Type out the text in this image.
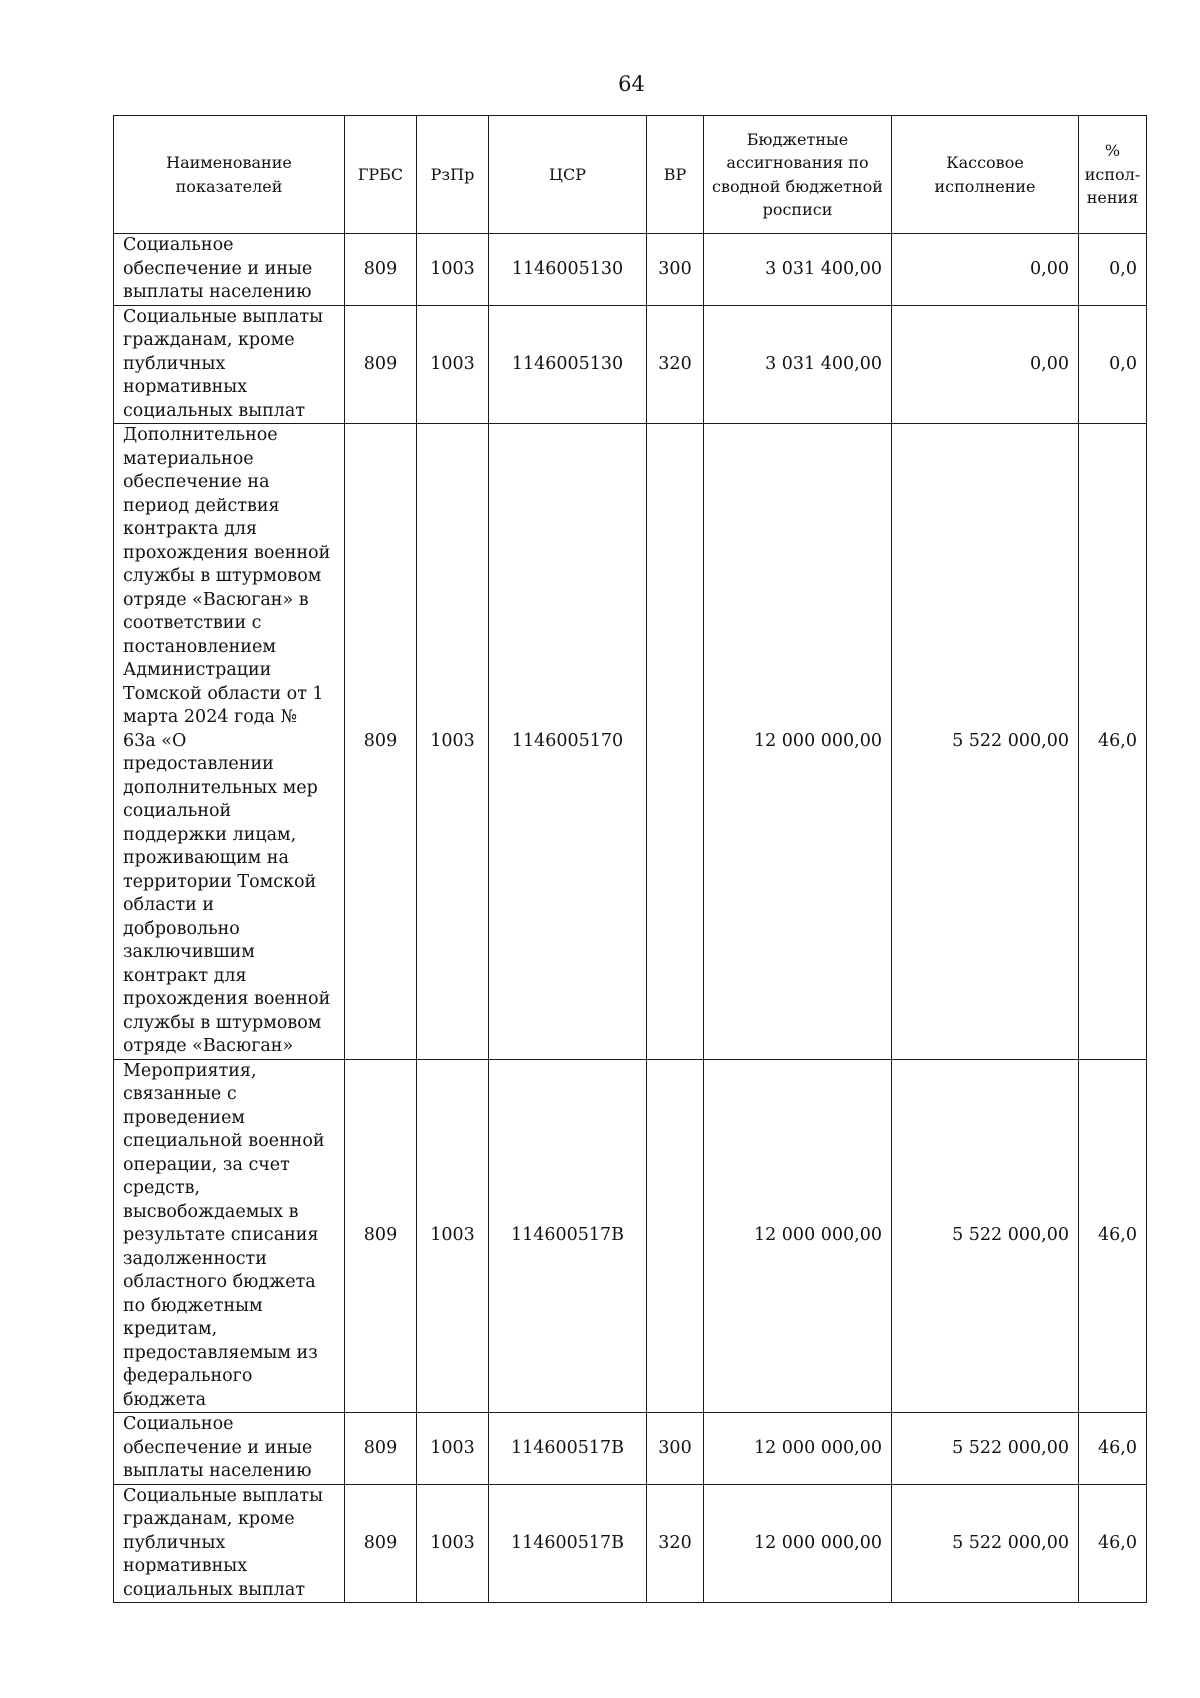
64
Наименование показателей	ГРБС	РзПр	ЦСР	ВР	Бюджетные ассигнования по сводной бюджетной росписи	Кассовое исполнение	% испол-нения
Социальное обеспечение и иные выплаты населению	809	1003	1146005130	300	3 031 400,00	0,00	0,0
Социальные выплаты гражданам, кроме публичных нормативных социальных выплат	809	1003	1146005130	320	3 031 400,00	0,00	0,0
Дополнительное материальное обеспечение на период действия контракта для прохождения военной службы в штурмовом отряде «Васюган» в соответствии с постановлением Администрации Томской области от 1 марта 2024 года № 63а «О предоставлении дополнительных мер социальной поддержки лицам, проживающим на территории Томской области и добровольно заключившим контракт для прохождения военной службы в штурмовом отряде «Васюган»	809	1003	1146005170		12 000 000,00	5 522 000,00	46,0
Мероприятия, связанные с проведением специальной военной операции, за счет средств, высвобождаемых в результате списания задолженности областного бюджета по бюджетным кредитам, предоставляемым из федерального бюджета	809	1003	114600517В		12 000 000,00	5 522 000,00	46,0
Социальное обеспечение и иные выплаты населению	809	1003	114600517В	300	12 000 000,00	5 522 000,00	46,0
Социальные выплаты гражданам, кроме публичных нормативных социальных выплат	809	1003	114600517В	320	12 000 000,00	5 522 000,00	46,0
